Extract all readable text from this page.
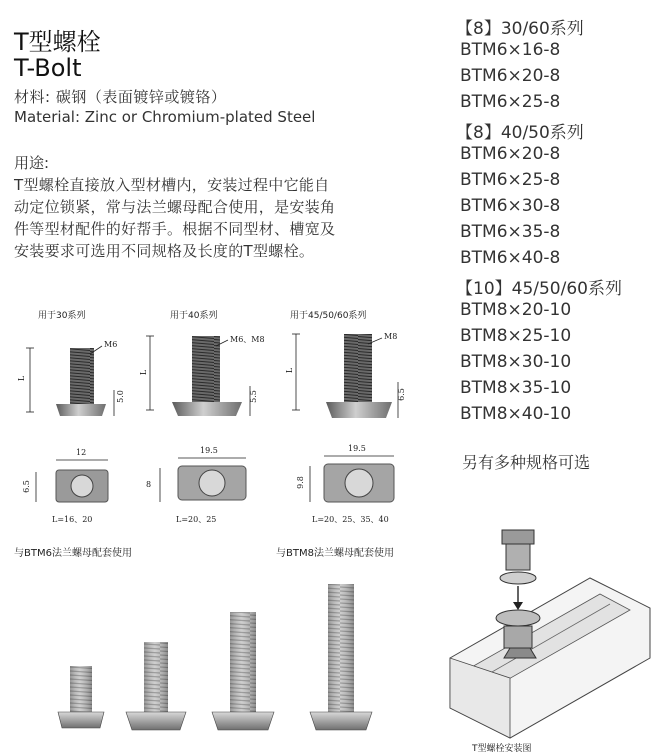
T型螺栓
T-Bolt
材料: 碳钢（表面镀锌或镀铬）
Material: Zinc or Chromium-plated Steel
用途:
T型螺栓直接放入型材槽内，安装过程中它能自
动定位锁紧，常与法兰螺母配合使用，是安装角
件等型材配件的好帮手。根据不同型材、槽宽及
安装要求可选用不同规格及长度的T型螺栓。
【8】30/60系列
BTM6×16-8
BTM6×20-8
BTM6×25-8
【8】40/50系列
BTM6×20-8
BTM6×25-8
BTM6×30-8
BTM6×35-8
BTM6×40-8
【10】45/50/60系列
BTM8×20-10
BTM8×25-10
BTM8×30-10
BTM8×35-10
BTM8×40-10
另有多种规格可选
用于30系列	用于40系列	用于45/50/60系列
M6
L
5.0
M6、M8
L
5.5
M8
L
6.5
12
6.5
19.5
8
19.5
9.8
L=16、20	L=20、25	L=20、25、35、40
与BTM6法兰螺母配套使用	与BTM8法兰螺母配套使用
T型螺栓安装图
